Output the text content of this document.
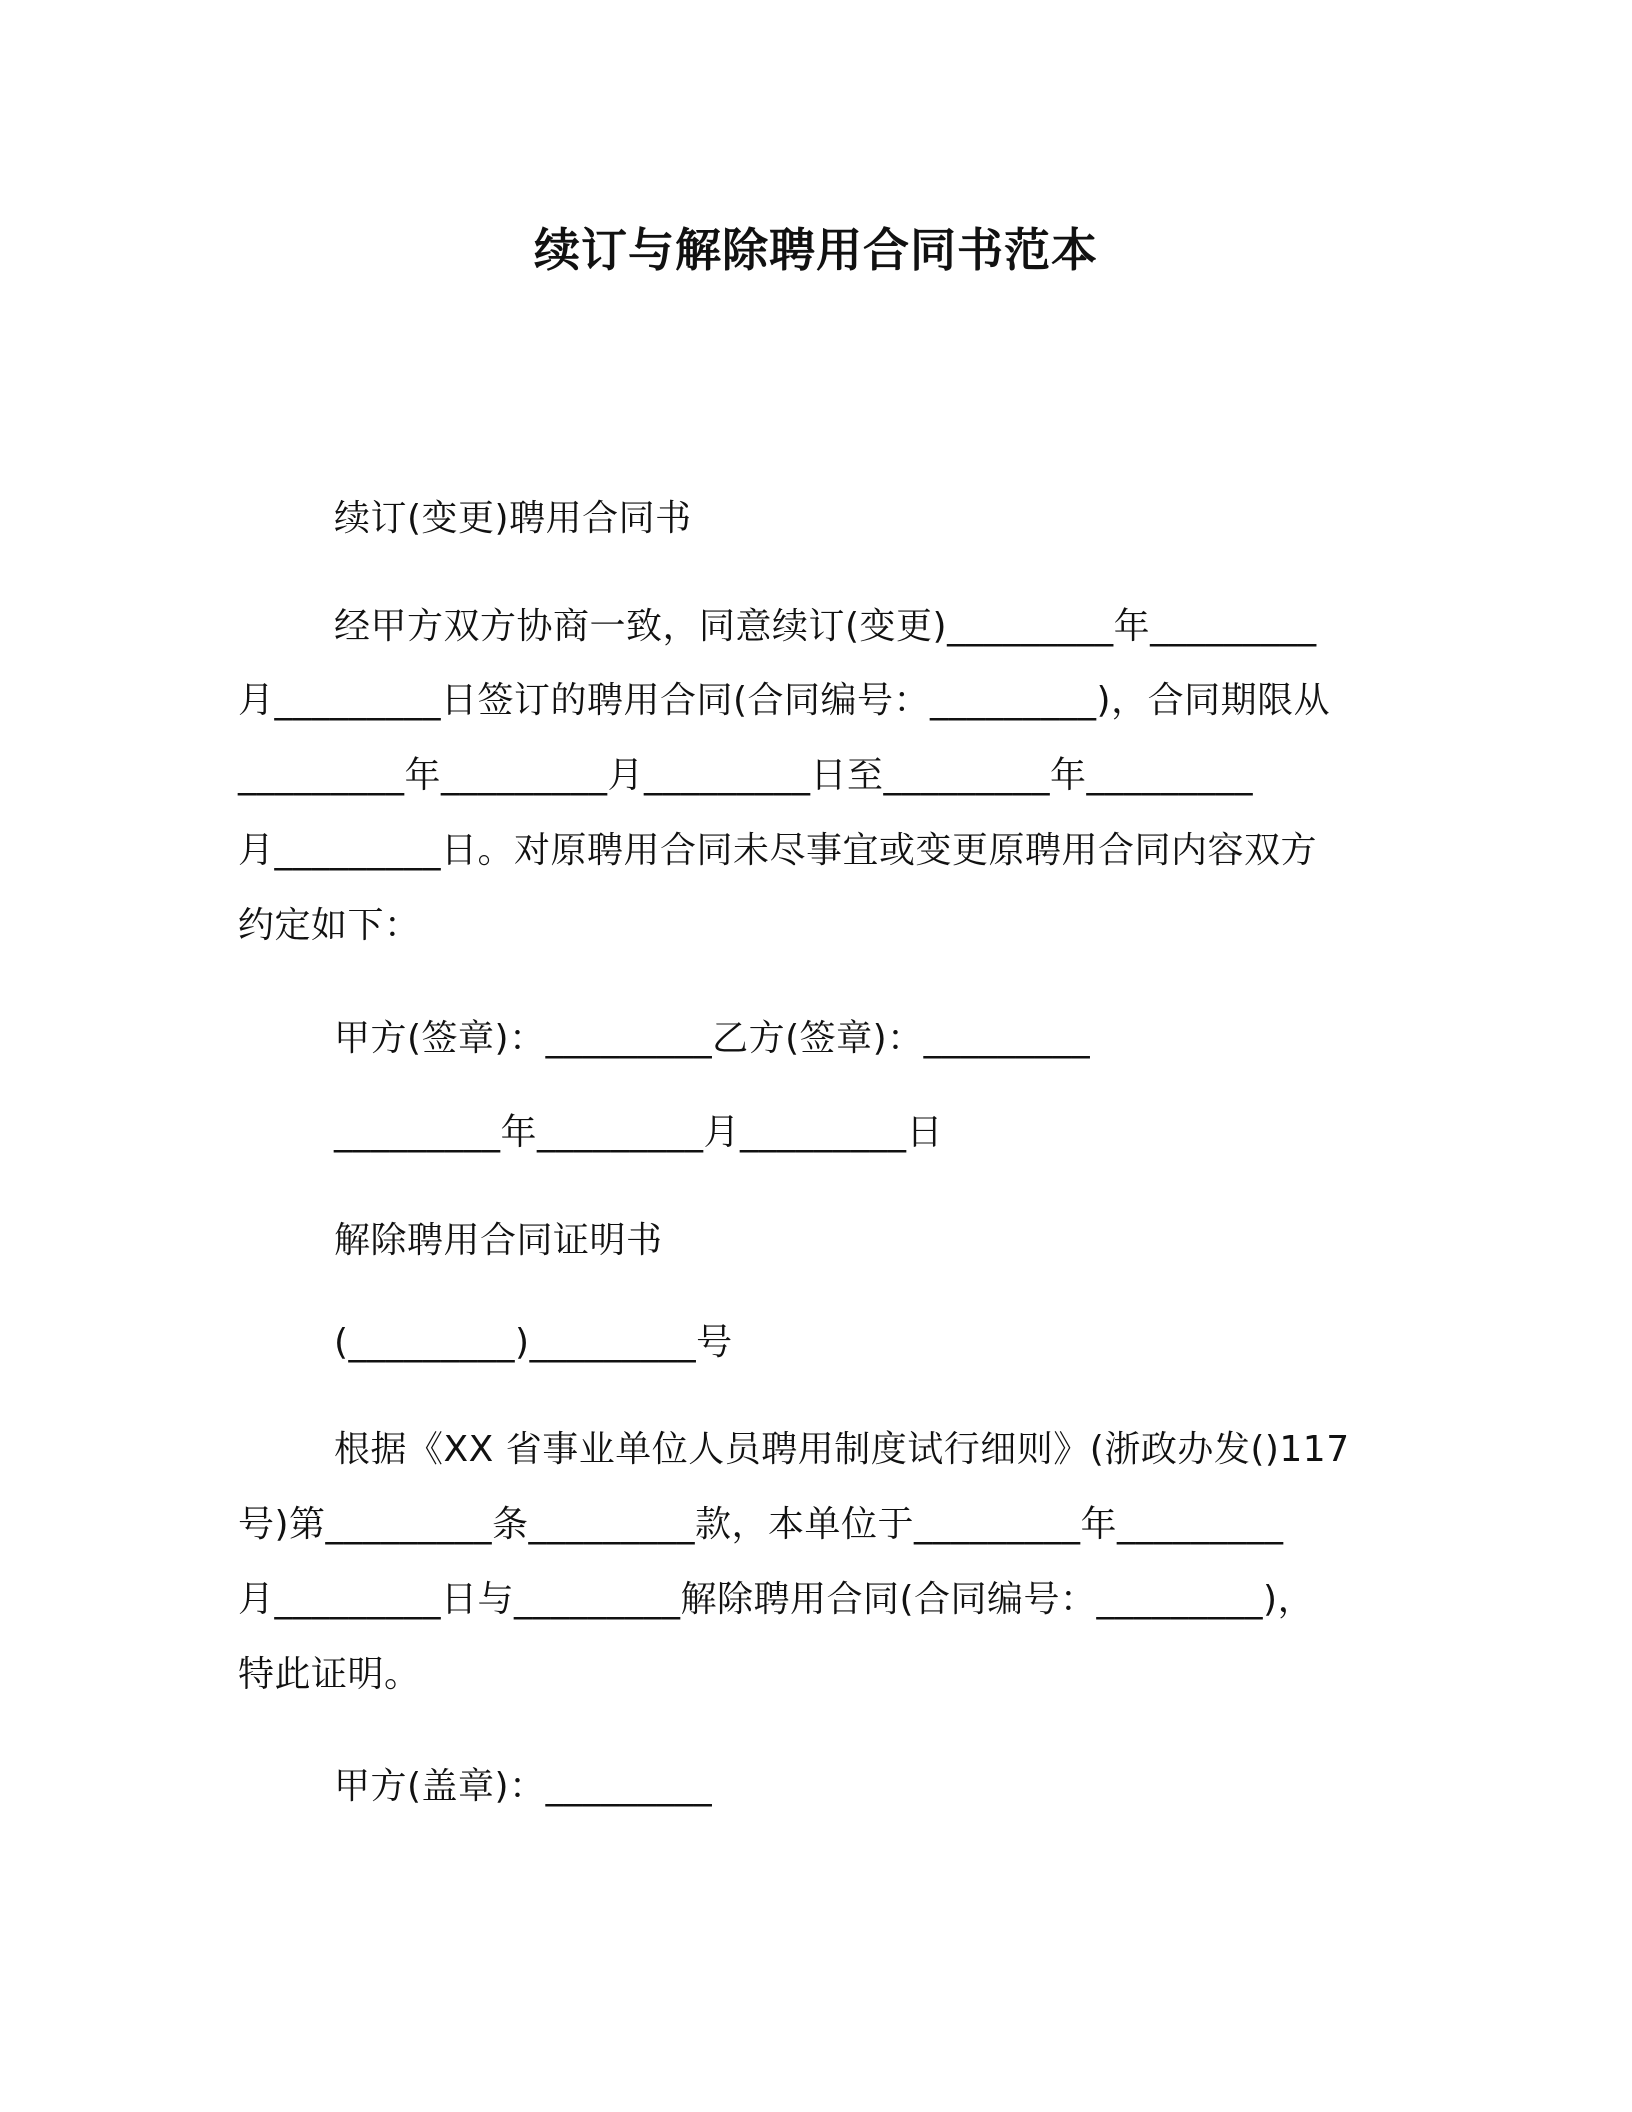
续订与解除聘用合同书范本
续订(变更)聘用合同书
经甲方双方协商一致，同意续订(变更)_________年_________
月_________日签订的聘用合同(合同编号：_________)，合同期限从
_________年_________月_________日至_________年_________
月_________日。对原聘用合同未尽事宜或变更原聘用合同内容双方
约定如下：
甲方(签章)：_________乙方(签章)：_________
_________年_________月_________日
解除聘用合同证明书
(_________)_________号
根据《XX 省事业单位人员聘用制度试行细则》(浙政办发()117
号)第_________条_________款，本单位于_________年_________
月_________日与_________解除聘用合同(合同编号：_________)，
特此证明。
甲方(盖章)：_________
